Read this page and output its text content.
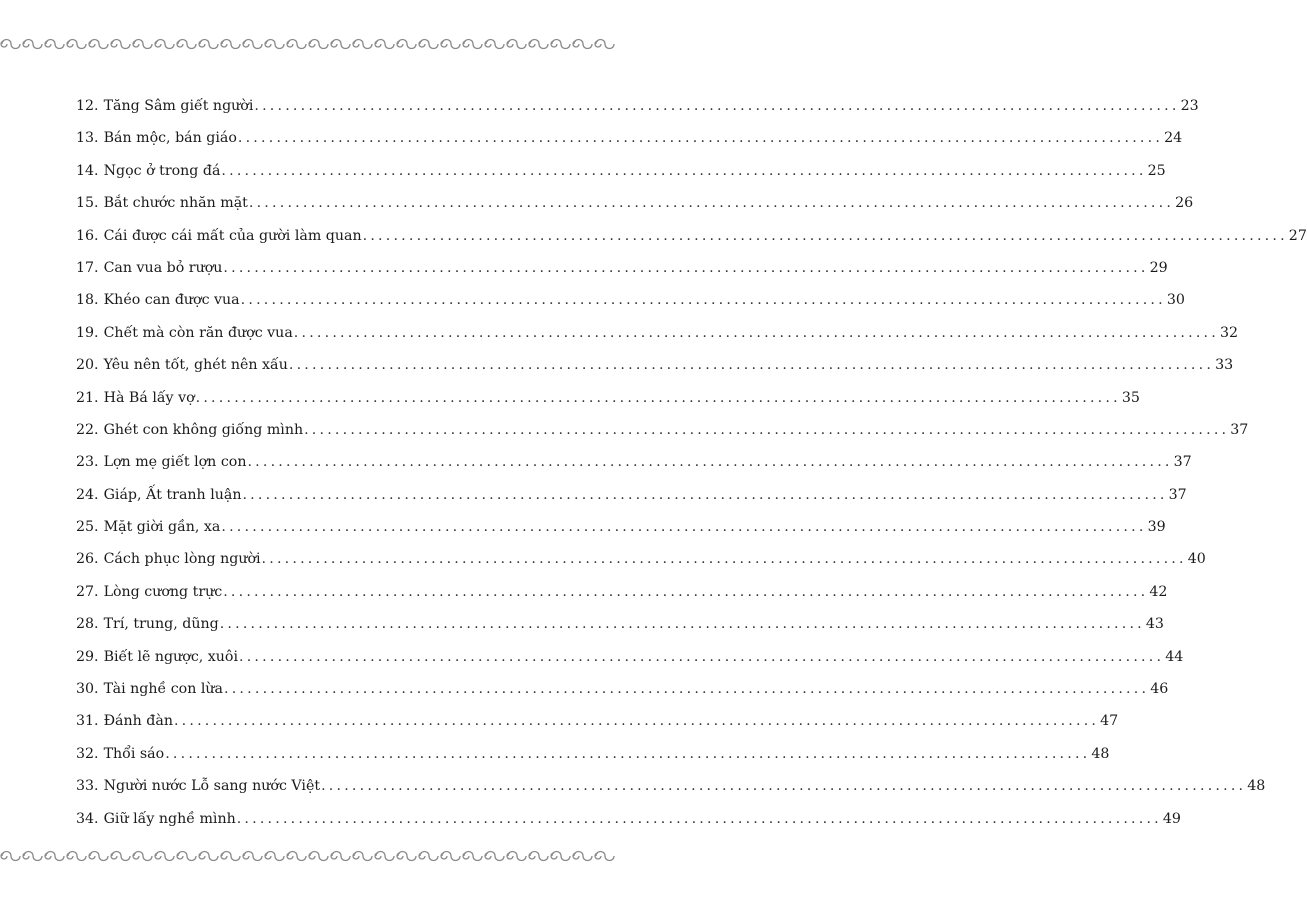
12. Tăng Sâm giết người ........................................................................................................................ 23
13. Bán mộc, bán giáo ........................................................................................................................ 24
14. Ngọc ở trong đá ........................................................................................................................ 25
15. Bắt chước nhăn mặt ........................................................................................................................ 26
16. Cái được cái mất của gười làm quan ........................................................................................................................ 27
17. Can vua bỏ rượu ........................................................................................................................ 29
18. Khéo can được vua ........................................................................................................................ 30
19. Chết mà còn răn được vua ........................................................................................................................ 32
20. Yêu nên tốt, ghét nên xấu ........................................................................................................................ 33
21. Hà Bá lấy vợ ........................................................................................................................ 35
22. Ghét con không giống mình ........................................................................................................................ 37
23. Lợn mẹ giết lợn con ........................................................................................................................ 37
24. Giáp, Ất tranh luận ........................................................................................................................ 37
25. Mặt giời gần, xa ........................................................................................................................ 39
26. Cách phục lòng người ........................................................................................................................ 40
27. Lòng cương trực ........................................................................................................................ 42
28. Trí, trung, dũng ........................................................................................................................ 43
29. Biết lẽ ngược, xuôi ........................................................................................................................ 44
30. Tài nghề con lừa ........................................................................................................................ 46
31. Đánh đàn ........................................................................................................................ 47
32. Thổi sáo ........................................................................................................................ 48
33. Người nước Lỗ sang nước Việt ........................................................................................................................ 48
34. Giữ lấy nghề mình ........................................................................................................................ 49
